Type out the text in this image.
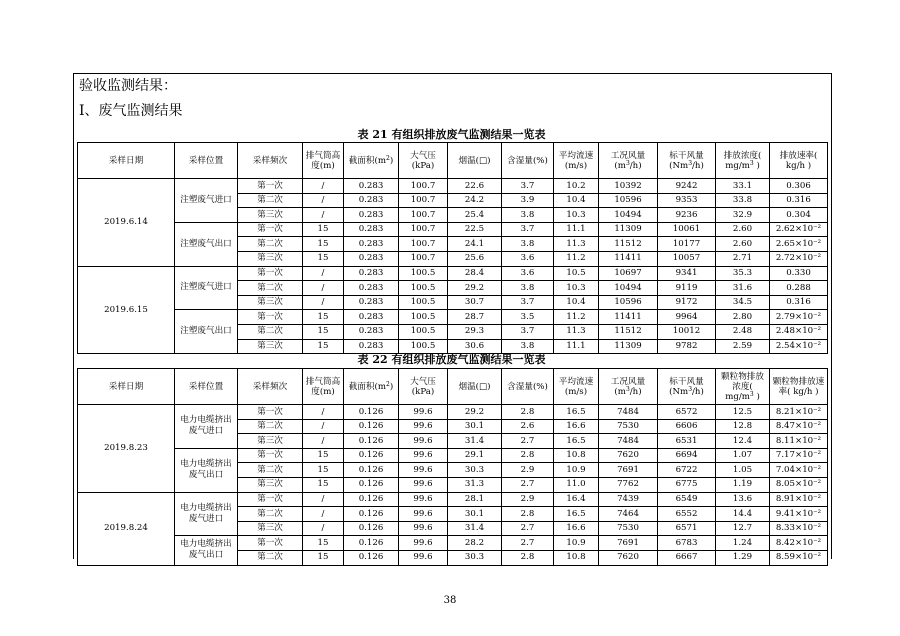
验收监测结果：
Ⅰ、废气监测结果
表 21 有组织排放废气监测结果一览表
采样日期	采样位置	采样频次	排气筒高度(m)	截面积$(m^2)$	大气压(kPa)	烟温(□)	含湿量(%)	平均流速(m/s)	工况风量$(m^3/h)$	标干风量(Nm$^3$/h)	排放浓度( $mg/m^3$ )	排放速率( kg/h )
2019.6.14	注塑废气进口	第一次	/	0.283	100.7	22.6	3.7	10.2	10392	9242	33.1	0.306
		第二次	/	0.283	100.7	24.2	3.9	10.4	10596	9353	33.8	0.316
		第三次	/	0.283	100.7	25.4	3.8	10.3	10494	9236	32.9	0.304
	注塑废气出口	第一次	15	0.283	100.7	22.5	3.7	11.1	11309	10061	2.60	2.62×10⁻²
		第二次	15	0.283	100.7	24.1	3.8	11.3	11512	10177	2.60	2.65×10⁻²
		第三次	15	0.283	100.7	25.6	3.6	11.2	11411	10057	2.71	2.72×10⁻²
2019.6.15	注塑废气进口	第一次	/	0.283	100.5	28.4	3.6	10.5	10697	9341	35.3	0.330
		第二次	/	0.283	100.5	29.2	3.8	10.3	10494	9119	31.6	0.288
		第三次	/	0.283	100.5	30.7	3.7	10.4	10596	9172	34.5	0.316
	注塑废气出口	第一次	15	0.283	100.5	28.7	3.5	11.2	11411	9964	2.80	2.79×10⁻²
		第二次	15	0.283	100.5	29.3	3.7	11.3	11512	10012	2.48	2.48×10⁻²
		第三次	15	0.283	100.5	30.6	3.8	11.1	11309	9782	2.59	2.54×10⁻²
表 22 有组织排放废气监测结果一览表
采样日期	采样位置	采样频次	排气筒高度(m)	截面积$(m^2)$	大气压(kPa)	烟温(□)	含湿量(%)	平均流速(m/s)	工况风量$(m^3/h)$	标干风量(Nm$^3$/h)	颗粒物排放浓度( $mg/m^3$ )	颗粒物排放速率( kg/h )
2019.8.23	电力电缆挤出废气进口	第一次	/	0.126	99.6	29.2	2.8	16.5	7484	6572	12.5	8.21×10⁻²
		第二次	/	0.126	99.6	30.1	2.6	16.6	7530	6606	12.8	8.47×10⁻²
		第三次	/	0.126	99.6	31.4	2.7	16.5	7484	6531	12.4	8.11×10⁻²
	电力电缆挤出废气出口	第一次	15	0.126	99.6	29.1	2.8	10.8	7620	6694	1.07	7.17×10⁻²
		第二次	15	0.126	99.6	30.3	2.9	10.9	7691	6722	1.05	7.04×10⁻²
		第三次	15	0.126	99.6	31.3	2.7	11.0	7762	6775	1.19	8.05×10⁻²
2019.8.24	电力电缆挤出废气进口	第一次	/	0.126	99.6	28.1	2.9	16.4	7439	6549	13.6	8.91×10⁻²
		第二次	/	0.126	99.6	30.1	2.8	16.5	7464	6552	14.4	9.41×10⁻²
		第三次	/	0.126	99.6	31.4	2.7	16.6	7530	6571	12.7	8.33×10⁻²
	电力电缆挤出废气出口	第一次	15	0.126	99.6	28.2	2.7	10.9	7691	6783	1.24	8.42×10⁻²
		第二次	15	0.126	99.6	30.3	2.8	10.8	7620	6667	1.29	8.59×10⁻²
38
